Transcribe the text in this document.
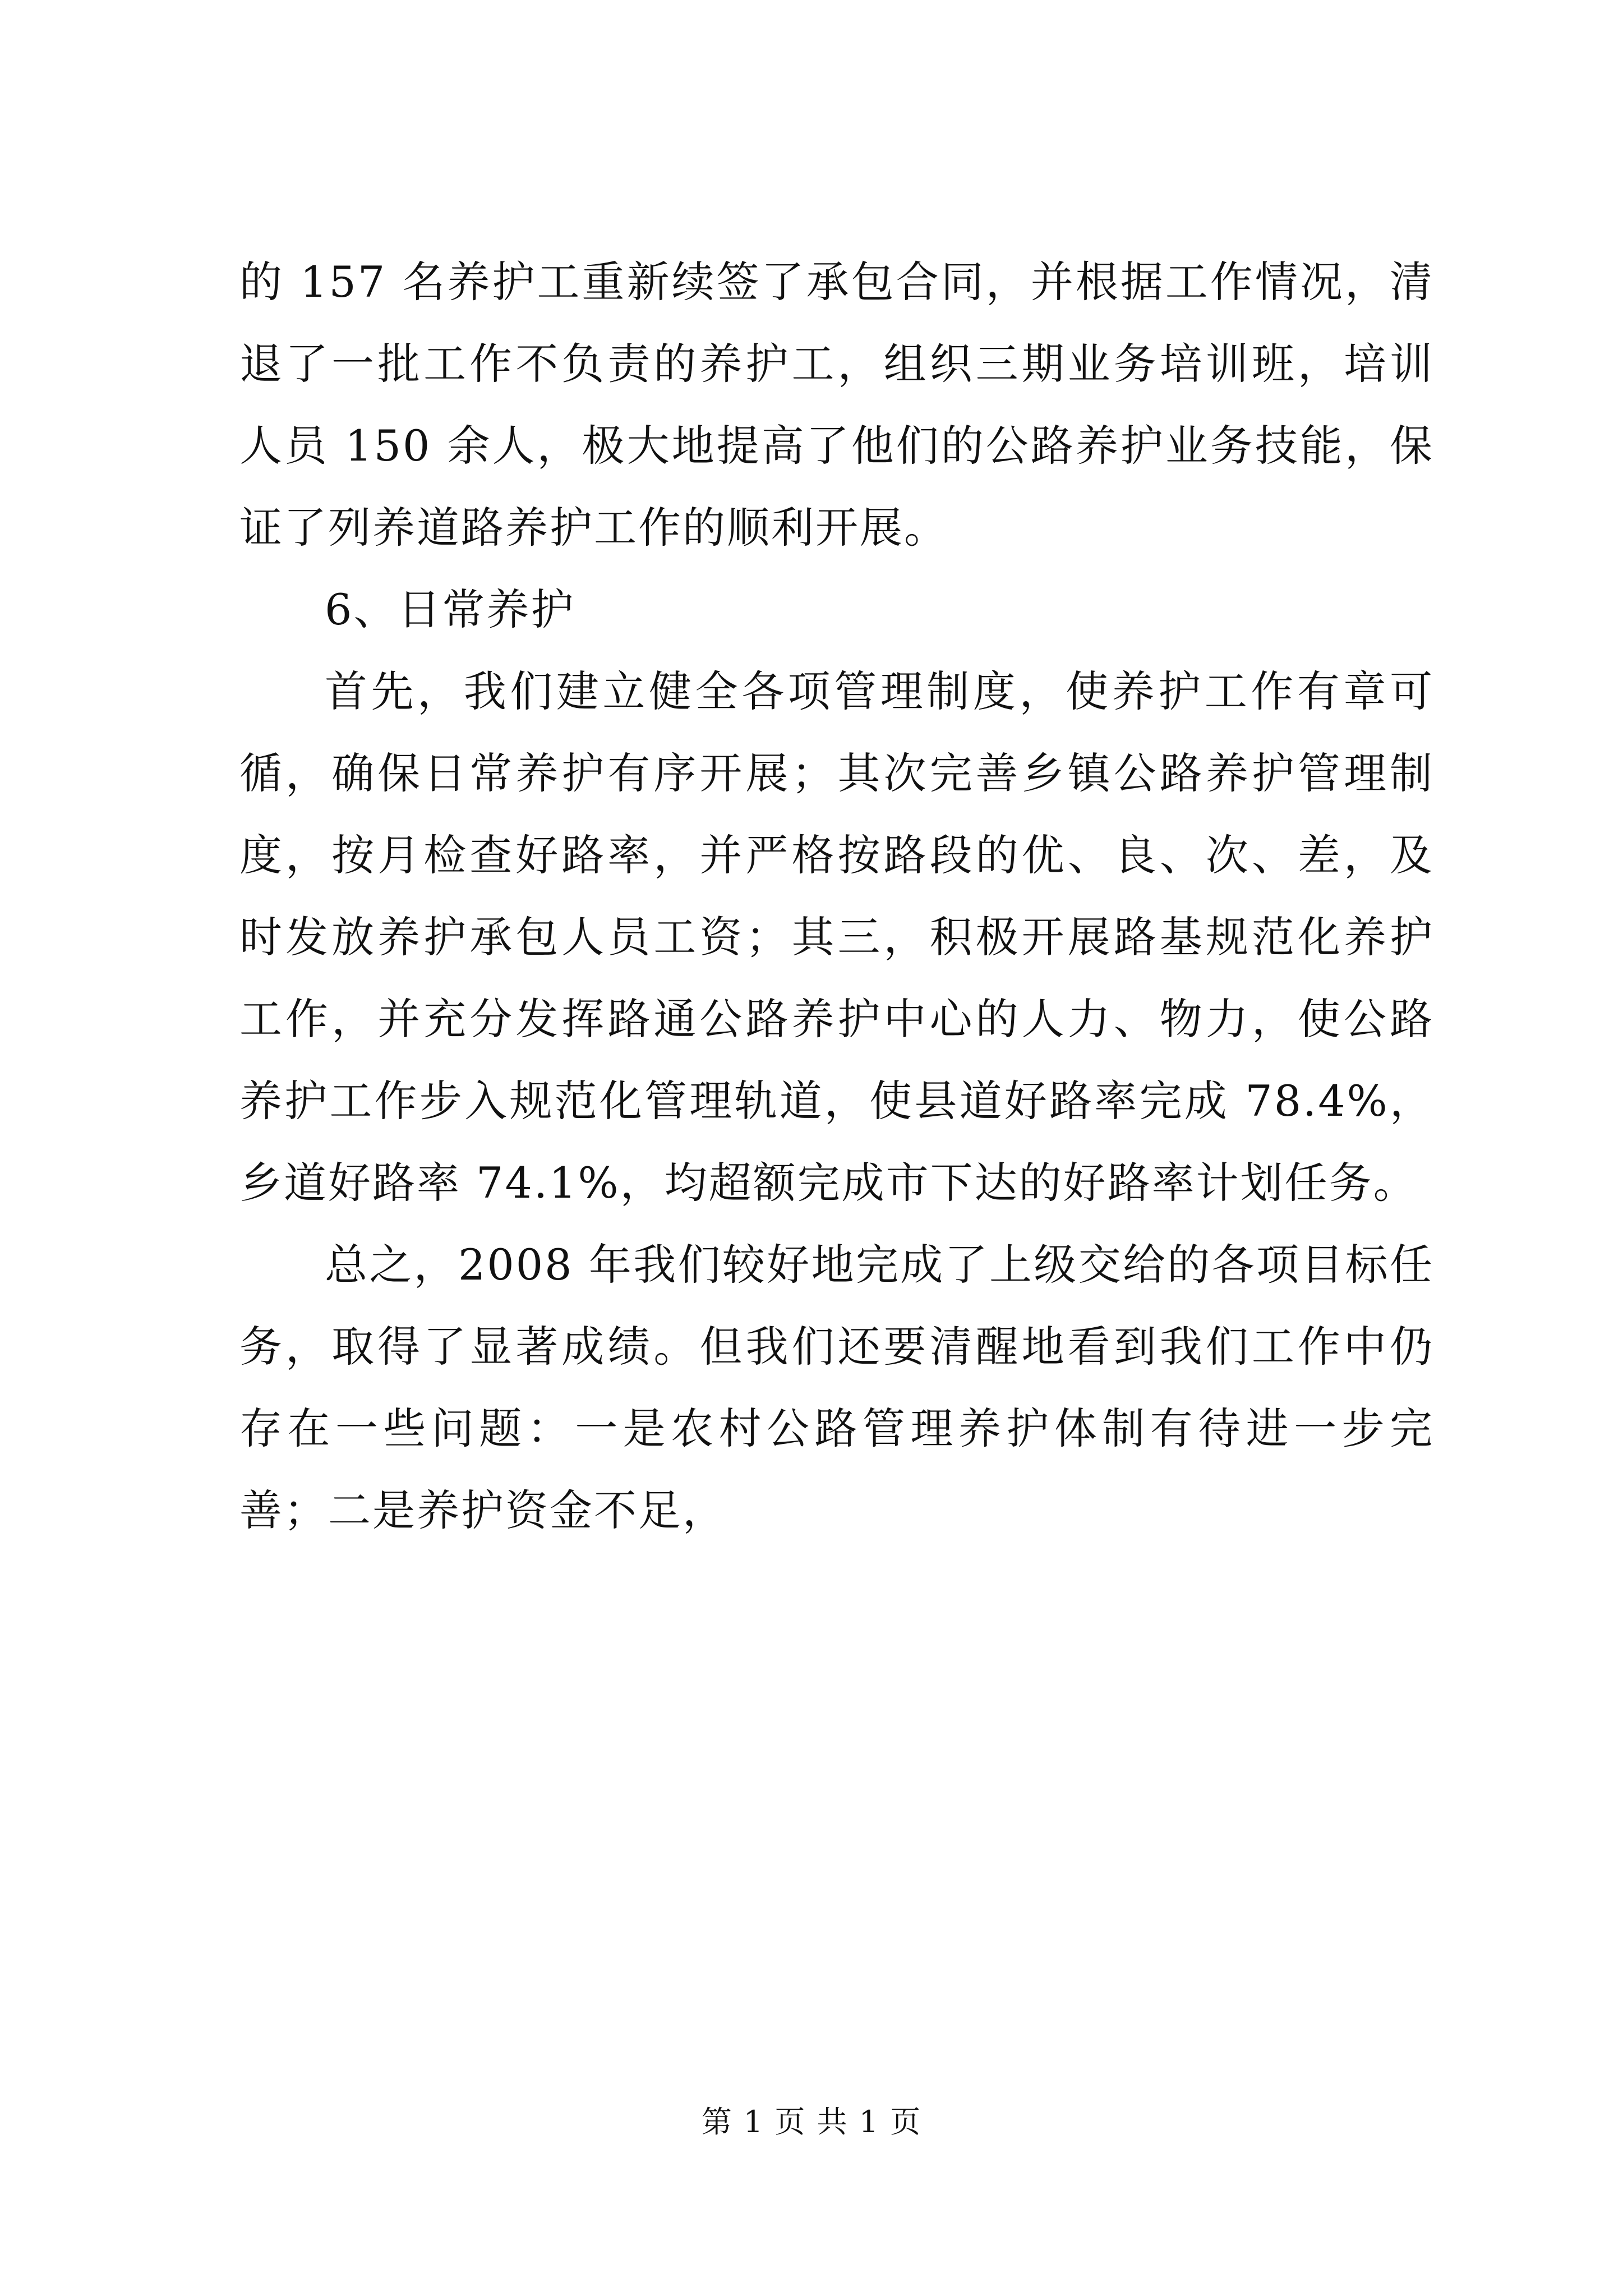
的 157 名养护工重新续签了承包合同，并根据工作情况，清退了一批工作不负责的养护工，组织三期业务培训班，培训人员 150 余人，极大地提高了他们的公路养护业务技能，保证了列养道路养护工作的顺利开展。

6、日常养护

首先，我们建立健全各项管理制度，使养护工作有章可循，确保日常养护有序开展；其次完善乡镇公路养护管理制度，按月检查好路率，并严格按路段的优、良、次、差，及时发放养护承包人员工资；其三，积极开展路基规范化养护工作，并充分发挥路通公路养护中心的人力、物力，使公路养护工作步入规范化管理轨道，使县道好路率完成 78.4%，乡道好路率 74.1%，均超额完成市下达的好路率计划任务。

总之，2008 年我们较好地完成了上级交给的各项目标任务，取得了显著成绩。但我们还要清醒地看到我们工作中仍存在一些问题：一是农村公路管理养护体制有待进一步完善；二是养护资金不足，

第 1 页 共 1 页
